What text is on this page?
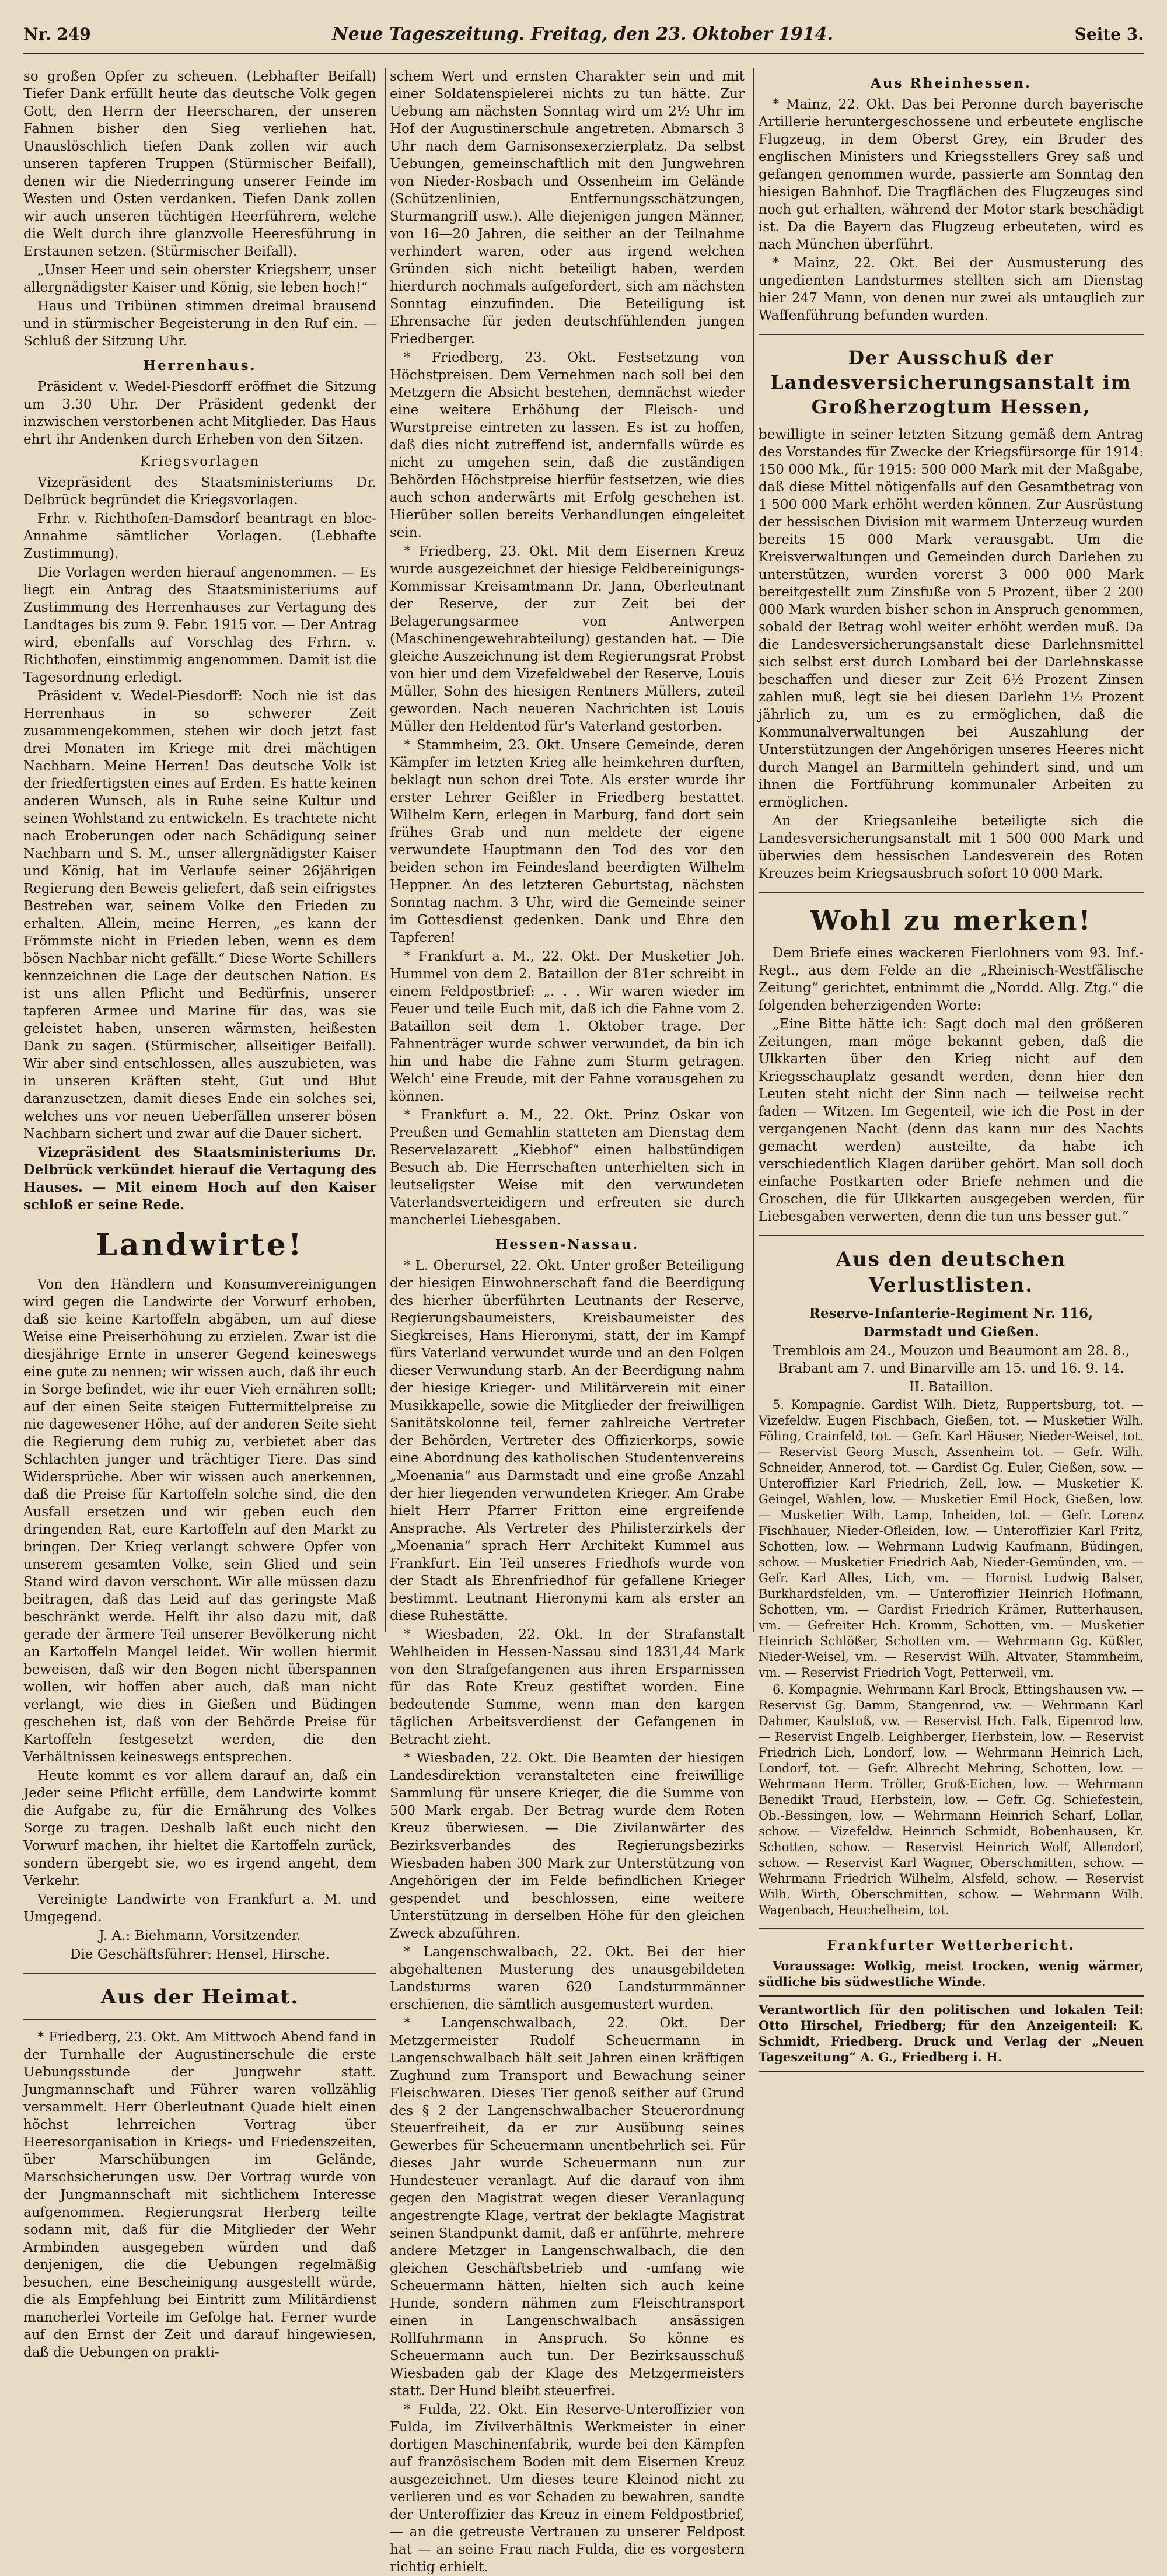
Nr. 249	Neue Tageszeitung. Freitag, den 23. Oktober 1914.	Seite 3.

so großen Opfer zu scheuen. (Lebhafter Beifall) Tiefer Dank erfüllt heute das deutsche Volk gegen Gott, den Herrn der Heerscharen, der unseren Fahnen bisher den Sieg verliehen hat. Unauslöschlich tiefen Dank zollen wir auch unseren tapferen Truppen (Stürmischer Beifall), denen wir die Niederringung unserer Feinde im Westen und Osten verdanken. Tiefen Dank zollen wir auch unseren tüchtigen Heerführern, welche die Welt durch ihre glanzvolle Heeresführung in Erstaunen setzen. (Stürmischer Beifall).

„Unser Heer und sein oberster Kriegsherr, unser allergnädigster Kaiser und König, sie leben hoch!“

Haus und Tribünen stimmen dreimal brausend und in stürmischer Begeisterung in den Ruf ein. — Schluß der Sitzung Uhr.

Herrenhaus.

Präsident v. Wedel-Piesdorff eröffnet die Sitzung um 3.30 Uhr. Der Präsident gedenkt der inzwischen verstorbenen acht Mitglieder. Das Haus ehrt ihr Andenken durch Erheben von den Sitzen.

Kriegsvorlagen

Vizepräsident des Staatsministeriums Dr. Delbrück begründet die Kriegsvorlagen.

Frhr. v. Richthofen-Damsdorf beantragt en bloc-Annahme sämtlicher Vorlagen. (Lebhafte Zustimmung).

Die Vorlagen werden hierauf angenommen. — Es liegt ein Antrag des Staatsministeriums auf Zustimmung des Herrenhauses zur Vertagung des Landtages bis zum 9. Febr. 1915 vor. — Der Antrag wird, ebenfalls auf Vorschlag des Frhrn. v. Richthofen, einstimmig angenommen. Damit ist die Tagesordnung erledigt.

Präsident v. Wedel-Piesdorff: Noch nie ist das Herrenhaus in so schwerer Zeit zusammengekommen, stehen wir doch jetzt fast drei Monaten im Kriege mit drei mächtigen Nachbarn. Meine Herren! Das deutsche Volk ist der friedfertigsten eines auf Erden. Es hatte keinen anderen Wunsch, als in Ruhe seine Kultur und seinen Wohlstand zu entwickeln. Es trachtete nicht nach Eroberungen oder nach Schädigung seiner Nachbarn und S. M., unser allergnädigster Kaiser und König, hat im Verlaufe seiner 26jährigen Regierung den Beweis geliefert, daß sein eifrigstes Bestreben war, seinem Volke den Frieden zu erhalten. Allein, meine Herren, „es kann der Frömmste nicht in Frieden leben, wenn es dem bösen Nachbar nicht gefällt.“ Diese Worte Schillers kennzeichnen die Lage der deutschen Nation. Es ist uns allen Pflicht und Bedürfnis, unserer tapferen Armee und Marine für das, was sie geleistet haben, unseren wärmsten, heißesten Dank zu sagen. (Stürmischer, allseitiger Beifall). Wir aber sind entschlossen, alles auszubieten, was in unseren Kräften steht, Gut und Blut daranzusetzen, damit dieses Ende ein solches sei, welches uns vor neuen Ueberfällen unserer bösen Nachbarn sichert und zwar auf die Dauer sichert.

Vizepräsident des Staatsministeriums Dr. Delbrück verkündet hierauf die Vertagung des Hauses. — Mit einem Hoch auf den Kaiser schloß er seine Rede.

Landwirte!

Von den Händlern und Konsumvereinigungen wird gegen die Landwirte der Vorwurf erhoben, daß sie keine Kartoffeln abgäben, um auf diese Weise eine Preiserhöhung zu erzielen. Zwar ist die diesjährige Ernte in unserer Gegend keineswegs eine gute zu nennen; wir wissen auch, daß ihr euch in Sorge befindet, wie ihr euer Vieh ernähren sollt; auf der einen Seite steigen Futtermittelpreise zu nie dagewesener Höhe, auf der anderen Seite sieht die Regierung dem ruhig zu, verbietet aber das Schlachten junger und trächtiger Tiere. Das sind Widersprüche. Aber wir wissen auch anerkennen, daß die Preise für Kartoffeln solche sind, die den Ausfall ersetzen und wir geben euch den dringenden Rat, eure Kartoffeln auf den Markt zu bringen. Der Krieg verlangt schwere Opfer von unserem gesamten Volke, sein Glied und sein Stand wird davon verschont. Wir alle müssen dazu beitragen, daß das Leid auf das geringste Maß beschränkt werde. Helft ihr also dazu mit, daß gerade der ärmere Teil unserer Bevölkerung nicht an Kartoffeln Mangel leidet. Wir wollen hiermit beweisen, daß wir den Bogen nicht überspannen wollen, wir hoffen aber auch, daß man nicht verlangt, wie dies in Gießen und Büdingen geschehen ist, daß von der Behörde Preise für Kartoffeln festgesetzt werden, die den Verhältnissen keineswegs entsprechen.

Heute kommt es vor allem darauf an, daß ein Jeder seine Pflicht erfülle, dem Landwirte kommt die Aufgabe zu, für die Ernährung des Volkes Sorge zu tragen. Deshalb laßt euch nicht den Vorwurf machen, ihr hieltet die Kartoffeln zurück, sondern übergebt sie, wo es irgend angeht, dem Verkehr.

Vereinigte Landwirte von Frankfurt a. M. und Umgegend.

J. A.: Biehmann, Vorsitzender.

Die Geschäftsführer: Hensel, Hirsche.

Aus der Heimat.

* Friedberg, 23. Okt. Am Mittwoch Abend fand in der Turnhalle der Augustinerschule die erste Uebungsstunde der Jungwehr statt. Jungmannschaft und Führer waren vollzählig versammelt. Herr Oberleutnant Quade hielt einen höchst lehrreichen Vortrag über Heeresorganisation in Kriegs- und Friedenszeiten, über Marschübungen im Gelände, Marschsicherungen usw. Der Vortrag wurde von der Jungmannschaft mit sichtlichem Interesse aufgenommen. Regierungsrat Herberg teilte sodann mit, daß für die Mitglieder der Wehr Armbinden ausgegeben würden und daß denjenigen, die die Uebungen regelmäßig besuchen, eine Bescheinigung ausgestellt würde, die als Empfehlung bei Eintritt zum Militärdienst mancherlei Vorteile im Gefolge hat. Ferner wurde auf den Ernst der Zeit und darauf hingewiesen, daß die Uebungen on prakti-

schem Wert und ernsten Charakter sein und mit einer Soldatenspielerei nichts zu tun hätte. Zur Uebung am nächsten Sonntag wird um 2½ Uhr im Hof der Augustinerschule angetreten. Abmarsch 3 Uhr nach dem Garnisonsexerzierplatz. Da selbst Uebungen, gemeinschaftlich mit den Jungwehren von Nieder-Rosbach und Ossenheim im Gelände (Schützenlinien, Entfernungsschätzungen, Sturmangriff usw.). Alle diejenigen jungen Männer, von 16—20 Jahren, die seither an der Teilnahme verhindert waren, oder aus irgend welchen Gründen sich nicht beteiligt haben, werden hierdurch nochmals aufgefordert, sich am nächsten Sonntag einzufinden. Die Beteiligung ist Ehrensache für jeden deutschfühlenden jungen Friedberger.

* Friedberg, 23. Okt. Festsetzung von Höchstpreisen. Dem Vernehmen nach soll bei den Metzgern die Absicht bestehen, demnächst wieder eine weitere Erhöhung der Fleisch- und Wurstpreise eintreten zu lassen. Es ist zu hoffen, daß dies nicht zutreffend ist, andernfalls würde es nicht zu umgehen sein, daß die zuständigen Behörden Höchstpreise hierfür festsetzen, wie dies auch schon anderwärts mit Erfolg geschehen ist. Hierüber sollen bereits Verhandlungen eingeleitet sein.

* Friedberg, 23. Okt. Mit dem Eisernen Kreuz wurde ausgezeichnet der hiesige Feldbereinigungs-Kommissar Kreisamtmann Dr. Jann, Oberleutnant der Reserve, der zur Zeit bei der Belagerungsarmee von Antwerpen (Maschinengewehrabteilung) gestanden hat. — Die gleiche Auszeichnung ist dem Regierungsrat Probst von hier und dem Vizefeldwebel der Reserve, Louis Müller, Sohn des hiesigen Rentners Müllers, zuteil geworden. Nach neueren Nachrichten ist Louis Müller den Heldentod für's Vaterland gestorben.

* Stammheim, 23. Okt. Unsere Gemeinde, deren Kämpfer im letzten Krieg alle heimkehren durften, beklagt nun schon drei Tote. Als erster wurde ihr erster Lehrer Geißler in Friedberg bestattet. Wilhelm Kern, erlegen in Marburg, fand dort sein frühes Grab und nun meldete der eigene verwundete Hauptmann den Tod des vor den beiden schon im Feindesland beerdigten Wilhelm Heppner. An des letzteren Geburtstag, nächsten Sonntag nachm. 3 Uhr, wird die Gemeinde seiner im Gottesdienst gedenken. Dank und Ehre den Tapferen!

* Frankfurt a. M., 22. Okt. Der Musketier Joh. Hummel von dem 2. Bataillon der 81er schreibt in einem Feldpostbrief: „. . . Wir waren wieder im Feuer und teile Euch mit, daß ich die Fahne vom 2. Bataillon seit dem 1. Oktober trage. Der Fahnenträger wurde schwer verwundet, da bin ich hin und habe die Fahne zum Sturm getragen. Welch' eine Freude, mit der Fahne vorausgehen zu können.

* Frankfurt a. M., 22. Okt. Prinz Oskar von Preußen und Gemahlin statteten am Dienstag dem Reservelazarett „Kiebhof“ einen halbstündigen Besuch ab. Die Herrschaften unterhielten sich in leutseligster Weise mit den verwundeten Vaterlandsverteidigern und erfreuten sie durch mancherlei Liebesgaben.

Hessen-Nassau.

* L. Oberursel, 22. Okt. Unter großer Beteiligung der hiesigen Einwohnerschaft fand die Beerdigung des hierher überführten Leutnants der Reserve, Regierungsbaumeisters, Kreisbaumeister des Siegkreises, Hans Hieronymi, statt, der im Kampf fürs Vaterland verwundet wurde und an den Folgen dieser Verwundung starb. An der Beerdigung nahm der hiesige Krieger- und Militärverein mit einer Musikkapelle, sowie die Mitglieder der freiwilligen Sanitätskolonne teil, ferner zahlreiche Vertreter der Behörden, Vertreter des Offizierkorps, sowie eine Abordnung des katholischen Studentenvereins „Moenania“ aus Darmstadt und eine große Anzahl der hier liegenden verwundeten Krieger. Am Grabe hielt Herr Pfarrer Fritton eine ergreifende Ansprache. Als Vertreter des Philisterzirkels der „Moenania“ sprach Herr Architekt Kummel aus Frankfurt. Ein Teil unseres Friedhofs wurde von der Stadt als Ehrenfriedhof für gefallene Krieger bestimmt. Leutnant Hieronymi kam als erster an diese Ruhestätte.

* Wiesbaden, 22. Okt. In der Strafanstalt Wehlheiden in Hessen-Nassau sind 1831,44 Mark von den Strafgefangenen aus ihren Ersparnissen für das Rote Kreuz gestiftet worden. Eine bedeutende Summe, wenn man den kargen täglichen Arbeitsverdienst der Gefangenen in Betracht zieht.

* Wiesbaden, 22. Okt. Die Beamten der hiesigen Landesdirektion veranstalteten eine freiwillige Sammlung für unsere Krieger, die die Summe von 500 Mark ergab. Der Betrag wurde dem Roten Kreuz überwiesen. — Die Zivilanwärter des Bezirksverbandes des Regierungsbezirks Wiesbaden haben 300 Mark zur Unterstützung von Angehörigen der im Felde befindlichen Krieger gespendet und beschlossen, eine weitere Unterstützung in derselben Höhe für den gleichen Zweck abzuführen.

* Langenschwalbach, 22. Okt. Bei der hier abgehaltenen Musterung des unausgebildeten Landsturms waren 620 Landsturmmänner erschienen, die sämtlich ausgemustert wurden.

* Langenschwalbach, 22. Okt. Der Metzgermeister Rudolf Scheuermann in Langenschwalbach hält seit Jahren einen kräftigen Zughund zum Transport und Bewachung seiner Fleischwaren. Dieses Tier genoß seither auf Grund des § 2 der Langenschwalbacher Steuerordnung Steuerfreiheit, da er zur Ausübung seines Gewerbes für Scheuermann unentbehrlich sei. Für dieses Jahr wurde Scheuermann nun zur Hundesteuer veranlagt. Auf die darauf von ihm gegen den Magistrat wegen dieser Veranlagung angestrengte Klage, vertrat der beklagte Magistrat seinen Standpunkt damit, daß er anführte, mehrere andere Metzger in Langenschwalbach, die den gleichen Geschäftsbetrieb und -umfang wie Scheuermann hätten, hielten sich auch keine Hunde, sondern nähmen zum Fleischtransport einen in Langenschwalbach ansässigen Rollfuhrmann in Anspruch. So könne es Scheuermann auch tun. Der Bezirksausschuß Wiesbaden gab der Klage des Metzgermeisters statt. Der Hund bleibt steuerfrei.

* Fulda, 22. Okt. Ein Reserve-Unteroffizier von Fulda, im Zivilverhältnis Werkmeister in einer dortigen Maschinenfabrik, wurde bei den Kämpfen auf französischem Boden mit dem Eisernen Kreuz ausgezeichnet. Um dieses teure Kleinod nicht zu verlieren und es vor Schaden zu bewahren, sandte der Unteroffizier das Kreuz in einem Feldpostbrief, — an die getreuste Vertrauen zu unserer Feldpost hat — an seine Frau nach Fulda, die es vorgestern richtig erhielt.

Aus Rheinhessen.

* Mainz, 22. Okt. Das bei Peronne durch bayerische Artillerie heruntergeschossene und erbeutete englische Flugzeug, in dem Oberst Grey, ein Bruder des englischen Ministers und Kriegsstellers Grey saß und gefangen genommen wurde, passierte am Sonntag den hiesigen Bahnhof. Die Tragflächen des Flugzeuges sind noch gut erhalten, während der Motor stark beschädigt ist. Da die Bayern das Flugzeug erbeuteten, wird es nach München überführt.

* Mainz, 22. Okt. Bei der Ausmusterung des ungedienten Landsturmes stellten sich am Dienstag hier 247 Mann, von denen nur zwei als untauglich zur Waffenführung befunden wurden.

Der Ausschuß der Landesversicherungsanstalt im Großherzogtum Hessen,

bewilligte in seiner letzten Sitzung gemäß dem Antrag des Vorstandes für Zwecke der Kriegsfürsorge für 1914: 150 000 Mk., für 1915: 500 000 Mark mit der Maßgabe, daß diese Mittel nötigenfalls auf den Gesamtbetrag von 1 500 000 Mark erhöht werden können. Zur Ausrüstung der hessischen Division mit warmem Unterzeug wurden bereits 15 000 Mark verausgabt. Um die Kreisverwaltungen und Gemeinden durch Darlehen zu unterstützen, wurden vorerst 3 000 000 Mark bereitgestellt zum Zinsfuße von 5 Prozent, über 2 200 000 Mark wurden bisher schon in Anspruch genommen, sobald der Betrag wohl weiter erhöht werden muß. Da die Landesversicherungsanstalt diese Darlehnsmittel sich selbst erst durch Lombard bei der Darlehnskasse beschaffen und dieser zur Zeit 6½ Prozent Zinsen zahlen muß, legt sie bei diesen Darlehn 1½ Prozent jährlich zu, um es zu ermöglichen, daß die Kommunalverwaltungen bei Auszahlung der Unterstützungen der Angehörigen unseres Heeres nicht durch Mangel an Barmitteln gehindert sind, und um ihnen die Fortführung kommunaler Arbeiten zu ermöglichen.

An der Kriegsanleihe beteiligte sich die Landesversicherungsanstalt mit 1 500 000 Mark und überwies dem hessischen Landesverein des Roten Kreuzes beim Kriegsausbruch sofort 10 000 Mark.

Wohl zu merken!

Dem Briefe eines wackeren Fierlohners vom 93. Inf.-Regt., aus dem Felde an die „Rheinisch-Westfälische Zeitung“ gerichtet, entnimmt die „Nordd. Allg. Ztg.“ die folgenden beherzigenden Worte:

„Eine Bitte hätte ich: Sagt doch mal den größeren Zeitungen, man möge bekannt geben, daß die Ulkkarten über den Krieg nicht auf den Kriegsschauplatz gesandt werden, denn hier den Leuten steht nicht der Sinn nach — teilweise recht faden — Witzen. Im Gegenteil, wie ich die Post in der vergangenen Nacht (denn das kann nur des Nachts gemacht werden) austeilte, da habe ich verschiedentlich Klagen darüber gehört. Man soll doch einfache Postkarten oder Briefe nehmen und die Groschen, die für Ulkkarten ausgegeben werden, für Liebesgaben verwerten, denn die tun uns besser gut.“

Aus den deutschen Verlustlisten.

Reserve-Infanterie-Regiment Nr. 116,

Darmstadt und Gießen.

Tremblois am 24., Mouzon und Beaumont am 28. 8., Brabant am 7. und Binarville am 15. und 16. 9. 14.

II. Bataillon.

5. Kompagnie. Gardist Wilh. Dietz, Ruppertsburg, tot. — Vizefeldw. Eugen Fischbach, Gießen, tot. — Musketier Wilh. Föling, Crainfeld, tot. — Gefr. Karl Häuser, Nieder-Weisel, tot. — Reservist Georg Musch, Assenheim tot. — Gefr. Wilh. Schneider, Annerod, tot. — Gardist Gg. Euler, Gießen, sow. — Unteroffizier Karl Friedrich, Zell, low. — Musketier K. Geingel, Wahlen, low. — Musketier Emil Hock, Gießen, low. — Musketier Wilh. Lamp, Inheiden, tot. — Gefr. Lorenz Fischhauer, Nieder-Ofleiden, low. — Unteroffizier Karl Fritz, Schotten, low. — Wehrmann Ludwig Kaufmann, Büdingen, schow. — Musketier Friedrich Aab, Nieder-Gemünden, vm. — Gefr. Karl Alles, Lich, vm. — Hornist Ludwig Balser, Burkhardsfelden, vm. — Unteroffizier Heinrich Hofmann, Schotten, vm. — Gardist Friedrich Krämer, Rutterhausen, vm. — Gefreiter Hch. Kromm, Schotten, vm. — Musketier Heinrich Schlößer, Schotten vm. — Wehrmann Gg. Küßler, Nieder-Weisel, vm. — Reservist Wilh. Altvater, Stammheim, vm. — Reservist Friedrich Vogt, Petterweil, vm.

6. Kompagnie. Wehrmann Karl Brock, Ettingshausen vw. — Reservist Gg. Damm, Stangenrod, vw. — Wehrmann Karl Dahmer, Kaulstoß, vw. — Reservist Hch. Falk, Eipenrod low. — Reservist Engelb. Leighberger, Herbstein, low. — Reservist Friedrich Lich, Londorf, low. — Wehrmann Heinrich Lich, Londorf, tot. — Gefr. Albrecht Mehring, Schotten, low. — Wehrmann Herm. Tröller, Groß-Eichen, low. — Wehrmann Benedikt Traud, Herbstein, low. — Gefr. Gg. Schiefestein, Ob.-Bessingen, low. — Wehrmann Heinrich Scharf, Lollar, schow. — Vizefeldw. Heinrich Schmidt, Bobenhausen, Kr. Schotten, schow. — Reservist Heinrich Wolf, Allendorf, schow. — Reservist Karl Wagner, Oberschmitten, schow. — Wehrmann Friedrich Wilhelm, Alsfeld, schow. — Reservist Wilh. Wirth, Oberschmitten, schow. — Wehrmann Wilh. Wagenbach, Heuchelheim, tot.

Frankfurter Wetterbericht.

Voraussage: Wolkig, meist trocken, wenig wärmer, südliche bis südwestliche Winde.

Verantwortlich für den politischen und lokalen Teil: Otto Hirschel, Friedberg; für den Anzeigenteil: K. Schmidt, Friedberg. Druck und Verlag der „Neuen Tageszeitung“ A. G., Friedberg i. H.
